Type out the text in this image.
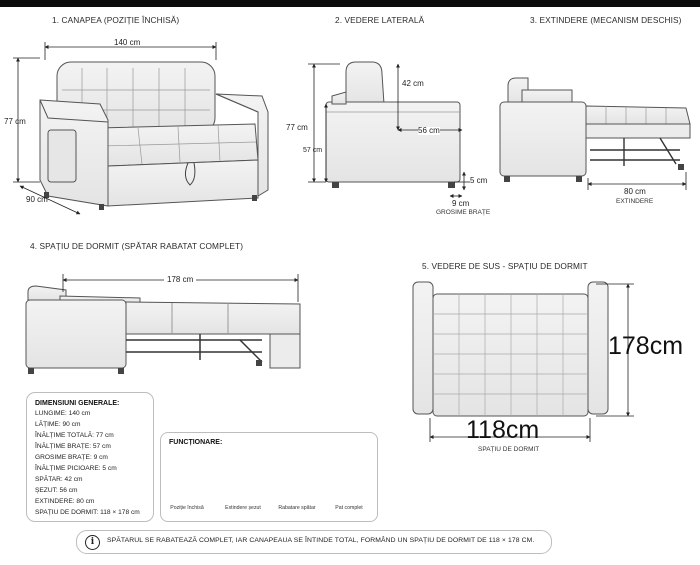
1. CANAPEA (POZIȚIE ÎNCHISĂ)	2. VEDERE LATERALĂ	3. EXTINDERE (MECANISM DESCHIS)
4. SPAȚIU DE DORMIT (SPĂTAR RABATAT COMPLET)
5. VEDERE DE SUS - SPAȚIU DE DORMIT
140 cm
77 cm
90 cm
42 cm
77 cm
57 cm
56 cm
5 cm
9 cm
GROSIME BRAȚE
80 cm
EXTINDERE
178 cm
178cm
118cm
SPAȚIU DE DORMIT
DIMENSIUNI GENERALE:
LUNGIME: 140 cm
LĂȚIME: 90 cm
ÎNĂLȚIME TOTALĂ: 77 cm
ÎNĂLȚIME BRAȚE: 57 cm
GROSIME BRAȚE: 9 cm
ÎNĂLȚIME PICIOARE: 5 cm
SPĂTAR: 42 cm
ȘEZUT: 56 cm
EXTINDERE: 80 cm
SPAȚIU DE DORMIT: 118 × 178 cm
FUNCȚIONARE:
Poziție închisă	Extindere șezut	Rabatare spătar	Pat complet
i	SPĂTARUL SE RABATEAZĂ COMPLET, IAR CANAPEAUA SE ÎNTINDE TOTAL, FORMÂND UN SPAȚIU DE DORMIT DE 118 × 178 CM.
